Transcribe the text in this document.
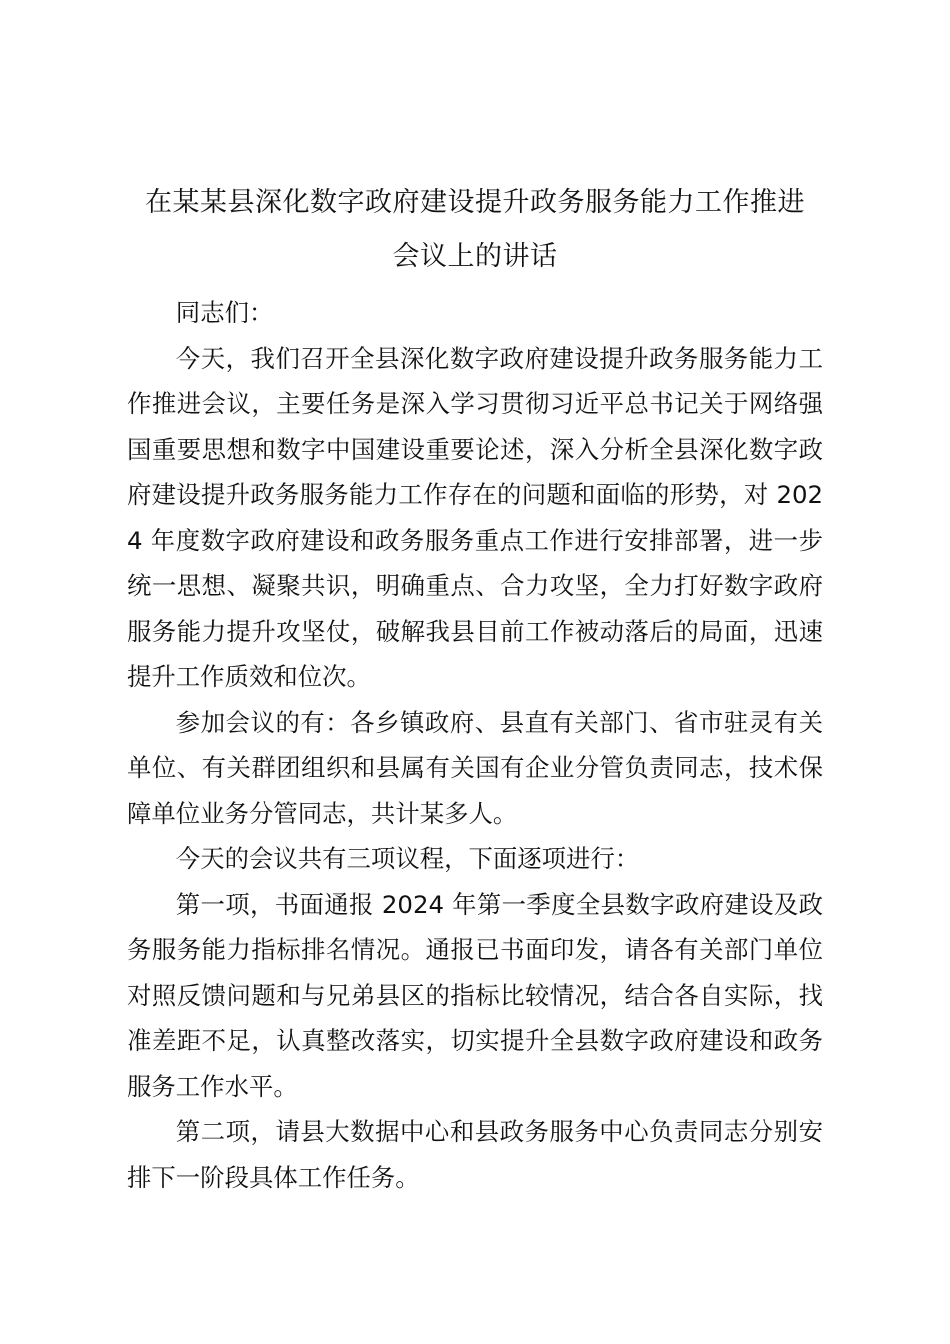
在某某县深化数字政府建设提升政务服务能力工作推进
会议上的讲话

同志们：

今天，我们召开全县深化数字政府建设提升政务服务能力工作推进会议，主要任务是深入学习贯彻习近平总书记关于网络强国重要思想和数字中国建设重要论述，深入分析全县深化数字政府建设提升政务服务能力工作存在的问题和面临的形势，对 2024 年度数字政府建设和政务服务重点工作进行安排部署，进一步统一思想、凝聚共识，明确重点、合力攻坚，全力打好数字政府服务能力提升攻坚仗，破解我县目前工作被动落后的局面，迅速提升工作质效和位次。

参加会议的有：各乡镇政府、县直有关部门、省市驻灵有关单位、有关群团组织和县属有关国有企业分管负责同志，技术保障单位业务分管同志，共计某多人。

今天的会议共有三项议程，下面逐项进行：

第一项，书面通报 2024 年第一季度全县数字政府建设及政务服务能力指标排名情况。通报已书面印发，请各有关部门单位对照反馈问题和与兄弟县区的指标比较情况，结合各自实际，找准差距不足，认真整改落实，切实提升全县数字政府建设和政务服务工作水平。

第二项，请县大数据中心和县政务服务中心负责同志分别安排下一阶段具体工作任务。
